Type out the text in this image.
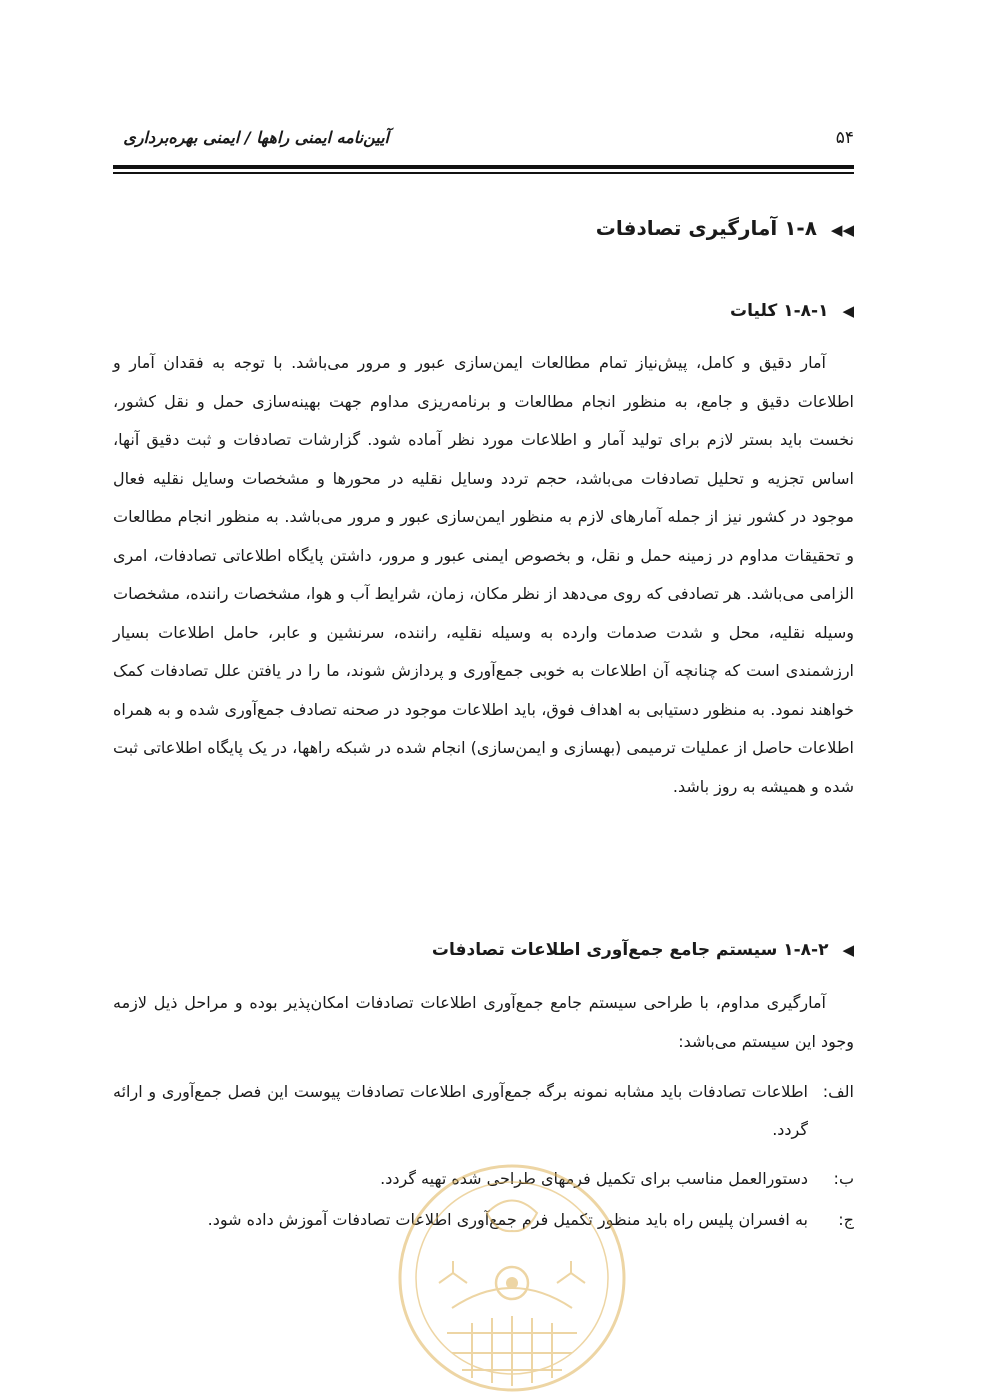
آیین‌نامه ایمنی راهها / ایمنی بهره‌برداری	۵۴
◀◀۱-۸ آمارگیری تصادفات
◀۱-۸-۱ کلیات

آمار دقیق و کامل، پیش‌نیاز تمام مطالعات ایمن‌سازی عبور و مرور می‌باشد. با توجه به فقدان آمار و اطلاعات دقیق و جامع، به منظور انجام مطالعات و برنامه‌ریزی مداوم جهت بهینه‌سازی حمل و نقل کشور، نخست باید بستر لازم برای تولید آمار و اطلاعات مورد نظر آماده شود. گزارشات تصادفات و ثبت دقیق آنها، اساس تجزیه و تحلیل تصادفات می‌باشد، حجم تردد وسایل نقلیه در محورها و مشخصات وسایل نقلیه فعال موجود در کشور نیز از جمله آمارهای لازم به منظور ایمن‌سازی عبور و مرور می‌باشد. به منظور انجام مطالعات و تحقیقات مداوم در زمینه حمل و نقل، و بخصوص ایمنی عبور و مرور، داشتن پایگاه اطلاعاتی تصادفات، امری الزامی می‌باشد. هر تصادفی که روی می‌دهد از نظر مکان، زمان، شرایط آب و هوا، مشخصات راننده، مشخصات وسیله نقلیه، محل و شدت صدمات وارده به وسیله نقلیه، راننده، سرنشین و عابر، حامل اطلاعات بسیار ارزشمندی است که چنانچه آن اطلاعات به خوبی جمع‌آوری و پردازش شوند، ما را در یافتن علل تصادفات کمک خواهند نمود. به منظور دستیابی به اهداف فوق، باید اطلاعات موجود در صحنه تصادف جمع‌آوری شده و به همراه اطلاعات حاصل از عملیات ترمیمی (بهسازی و ایمن‌سازی) انجام شده در شبکه راهها، در یک پایگاه اطلاعاتی ثبت شده و همیشه به روز باشد.

◀۱-۸-۲ سیستم جامع جمع‌آوری اطلاعات تصادفات

آمارگیری مداوم، با طراحی سیستم جامع جمع‌آوری اطلاعات تصادفات امکان‌پذیر بوده و مراحل ذیل لازمه وجود این سیستم می‌باشد:

الف:
اطلاعات تصادفات باید مشابه نمونه برگه جمع‌آوری اطلاعات تصادفات پیوست این فصل جمع‌آوری و ارائه گردد.
ب:
دستورالعمل مناسب برای تکمیل فرمهای طراحی شده تهیه گردد.
ج:
به افسران پلیس راه باید منظور تکمیل فرم جمع‌آوری اطلاعات تصادفات آموزش داده شود.
